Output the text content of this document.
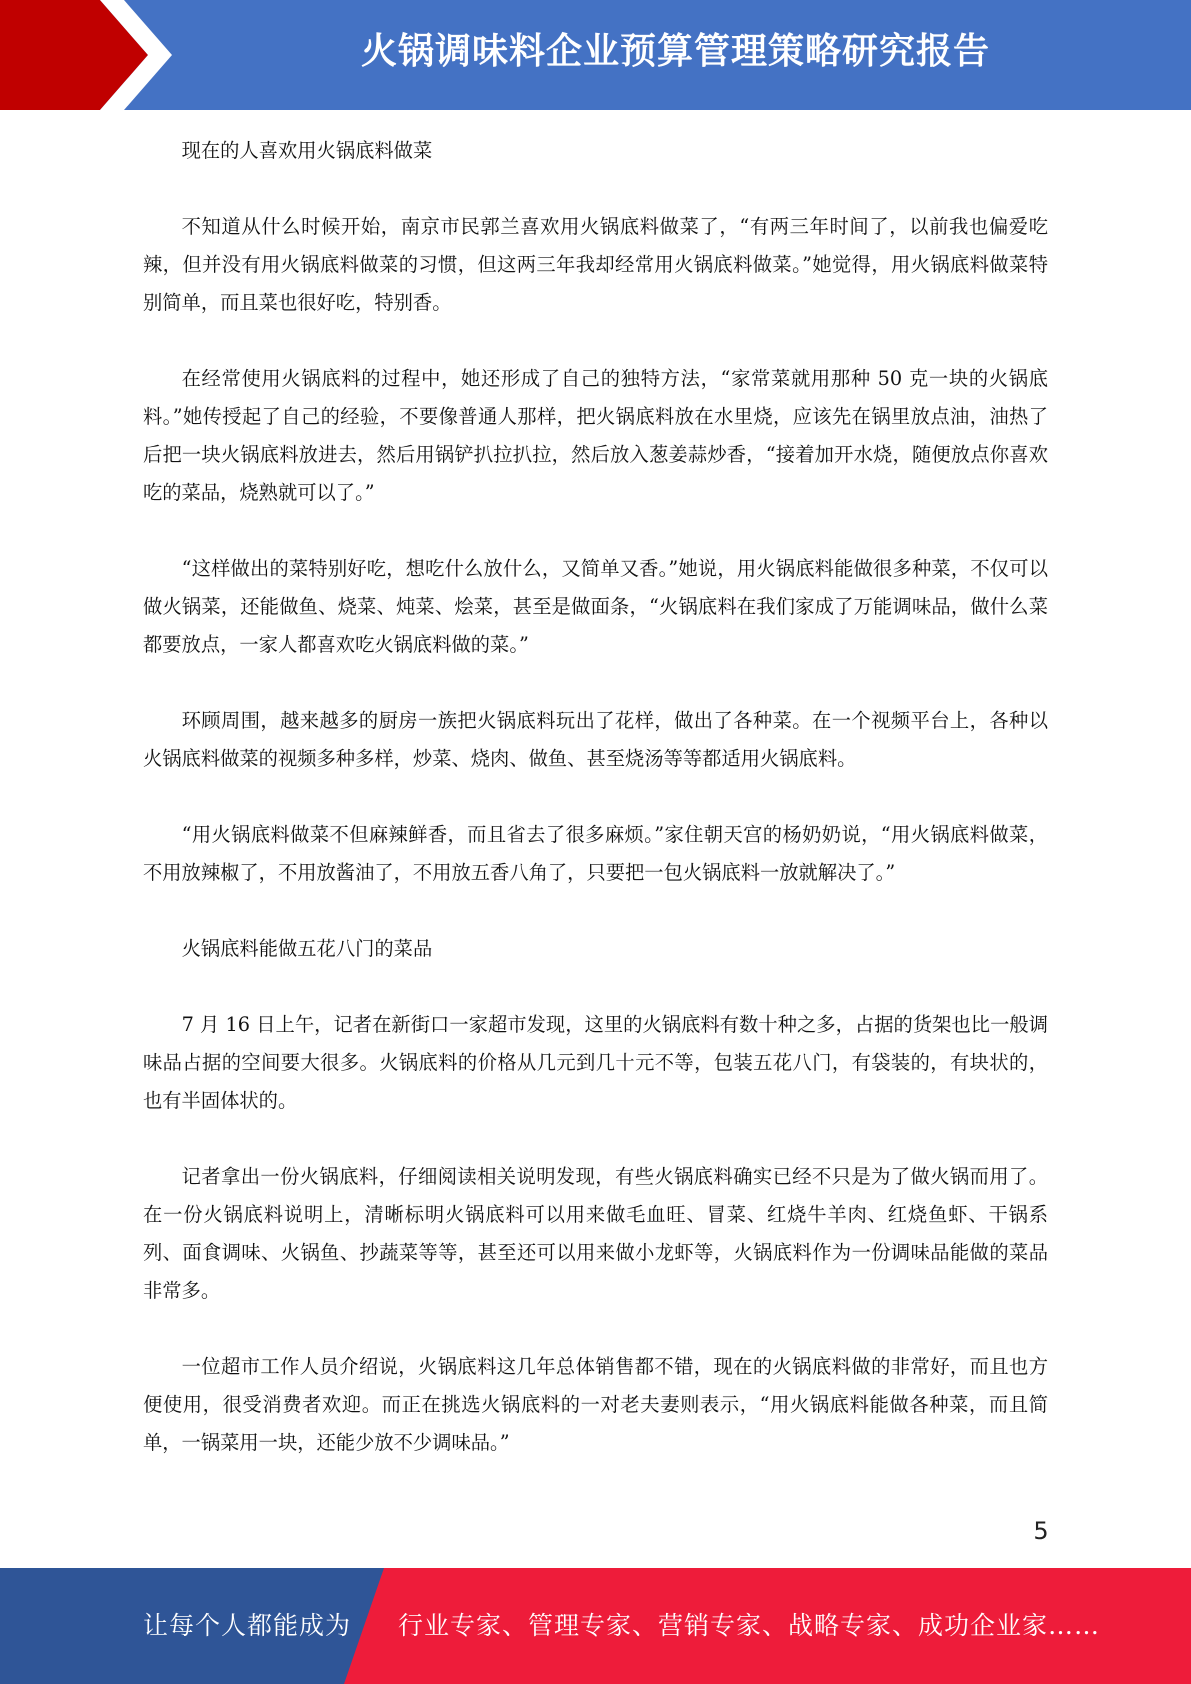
火锅调味料企业预算管理策略研究报告

现在的人喜欢用火锅底料做菜

不知道从什么时候开始，南京市民郭兰喜欢用火锅底料做菜了，“有两三年时间了，以前我也偏爱吃辣，但并没有用火锅底料做菜的习惯，但这两三年我却经常用火锅底料做菜。”她觉得，用火锅底料做菜特别简单，而且菜也很好吃，特别香。

在经常使用火锅底料的过程中，她还形成了自己的独特方法，“家常菜就用那种 50 克一块的火锅底料。”她传授起了自己的经验，不要像普通人那样，把火锅底料放在水里烧，应该先在锅里放点油，油热了后把一块火锅底料放进去，然后用锅铲扒拉扒拉，然后放入葱姜蒜炒香，“接着加开水烧，随便放点你喜欢吃的菜品，烧熟就可以了。”

“这样做出的菜特别好吃，想吃什么放什么，又简单又香。”她说，用火锅底料能做很多种菜，不仅可以做火锅菜，还能做鱼、烧菜、炖菜、烩菜，甚至是做面条，“火锅底料在我们家成了万能调味品，做什么菜都要放点，一家人都喜欢吃火锅底料做的菜。”

环顾周围，越来越多的厨房一族把火锅底料玩出了花样，做出了各种菜。在一个视频平台上，各种以火锅底料做菜的视频多种多样，炒菜、烧肉、做鱼、甚至烧汤等等都适用火锅底料。

“用火锅底料做菜不但麻辣鲜香，而且省去了很多麻烦。”家住朝天宫的杨奶奶说，“用火锅底料做菜，不用放辣椒了，不用放酱油了，不用放五香八角了，只要把一包火锅底料一放就解决了。”

火锅底料能做五花八门的菜品

7 月 16 日上午，记者在新街口一家超市发现，这里的火锅底料有数十种之多，占据的货架也比一般调味品占据的空间要大很多。火锅底料的价格从几元到几十元不等，包装五花八门，有袋装的，有块状的，也有半固体状的。

记者拿出一份火锅底料，仔细阅读相关说明发现，有些火锅底料确实已经不只是为了做火锅而用了。在一份火锅底料说明上，清晰标明火锅底料可以用来做毛血旺、冒菜、红烧牛羊肉、红烧鱼虾、干锅系列、面食调味、火锅鱼、抄蔬菜等等，甚至还可以用来做小龙虾等，火锅底料作为一份调味品能做的菜品非常多。

一位超市工作人员介绍说，火锅底料这几年总体销售都不错，现在的火锅底料做的非常好，而且也方便使用，很受消费者欢迎。而正在挑选火锅底料的一对老夫妻则表示，“用火锅底料能做各种菜，而且简单，一锅菜用一块，还能少放不少调味品。”

5
让每个人都能成为 行业专家、管理专家、营销专家、战略专家、成功企业家……
